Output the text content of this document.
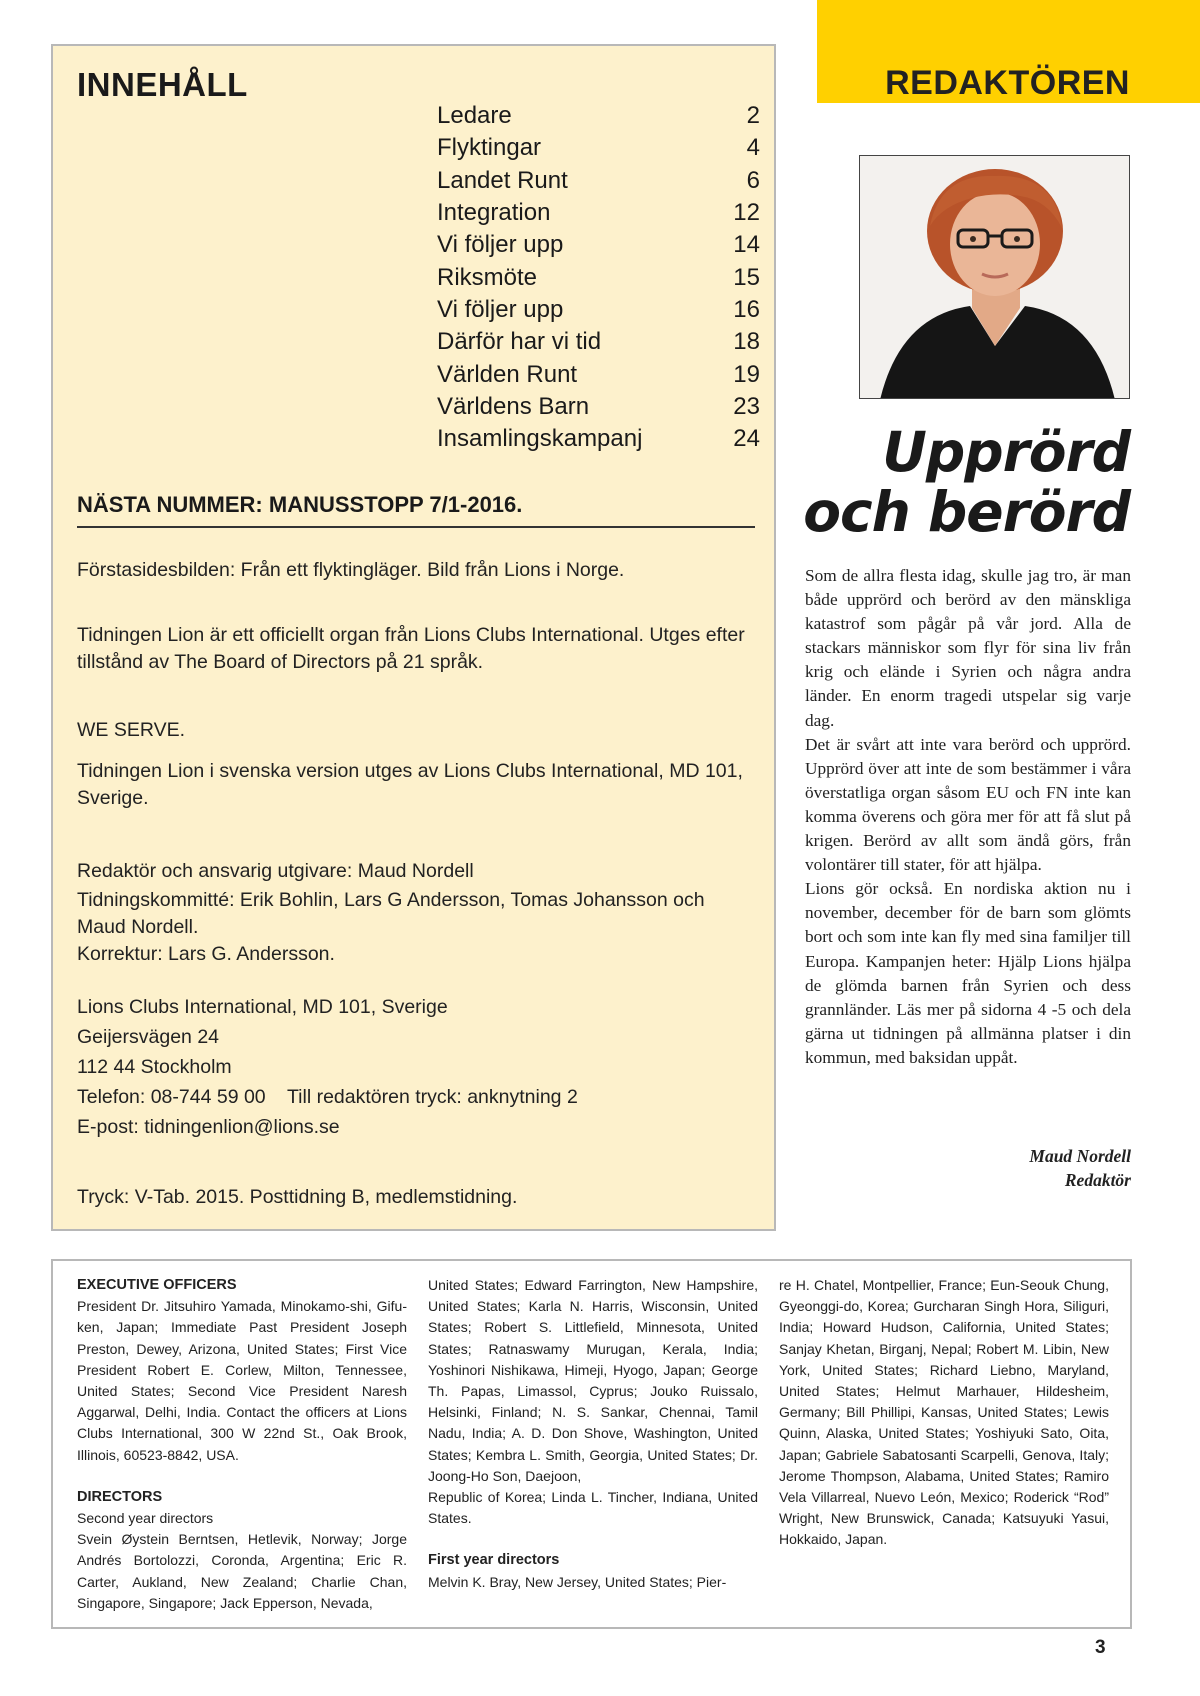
INNEHÅLL
Ledare	2
Flyktingar	4
Landet Runt	6
Integration	12
Vi följer upp	14
Riksmöte	15
Vi följer upp	16
Därför har vi tid	18
Världen Runt	19
Världens Barn	23
Insamlingskampanj	24
NÄSTA NUMMER: MANUSSTOPP 7/1-2016.

Förstasidesbilden: Från ett flyktingläger. Bild från Lions i Norge.

Tidningen Lion är ett officiellt organ från Lions Clubs International. Utges efter tillstånd av The Board of Directors på 21 språk.

WE SERVE.

Tidningen Lion i svenska version utges av Lions Clubs International, MD 101, Sverige.

Redaktör och ansvarig utgivare: Maud Nordell

Tidningskommitté: Erik Bohlin, Lars G Andersson, Tomas Johansson och Maud Nordell.

Korrektur: Lars G. Andersson.

Lions Clubs International, MD 101, Sverige

Geijersvägen 24

112 44 Stockholm

Telefon: 08-744 59 00    Till redaktören tryck: anknytning 2

E-post: tidningenlion@lions.se

Tryck: V-Tab. 2015. Posttidning B, medlemstidning.

REDAKTÖREN
Upprörd
och berörd

Som de allra flesta idag, skulle jag tro, är man både upprörd och berörd av den mänskliga katastrof som pågår på vår jord. Alla de stackars människor som flyr för sina liv från krig och elände i Syrien och några andra länder. En enorm tragedi utspelar sig varje dag.

Det är svårt att inte vara berörd och upprörd. Upprörd över att inte de som bestämmer i våra överstatliga organ såsom EU och FN inte kan komma överens och göra mer för att få slut på krigen. Berörd av allt som ändå görs, från volontärer till stater, för att hjälpa.

Lions gör också. En nordiska aktion nu i november, december för de barn som glömts bort och som inte kan fly med sina familjer till Europa. Kampanjen heter: Hjälp Lions hjälpa de glömda barnen från Syrien och dess grannländer. Läs mer på sidorna 4 -5 och dela gärna ut tidningen på allmänna platser i din kommun, med baksidan uppåt.

Maud Nordell
Redaktör
EXECUTIVE OFFICERS

President Dr. Jitsuhiro Yamada, Minokamo-shi, Gifu-ken, Japan; Immediate Past President Joseph Preston, Dewey, Arizona, United States; First Vice President Robert E. Corlew, Milton, Tennessee, United States; Second Vice President Naresh Aggarwal, Delhi, India. Contact the officers at Lions Clubs International, 300 W 22nd St., Oak Brook, Illinois, 60523-8842, USA.

DIRECTORS

Second year directors

Svein Øystein Berntsen, Hetlevik, Norway; Jorge Andrés Bortolozzi, Coronda, Argentina; Eric R. Carter, Aukland, New Zealand; Charlie Chan, Singapore, Singapore; Jack Epperson, Nevada,

United States; Edward Farrington, New Hampshire, United States; Karla N. Harris, Wisconsin, United States; Robert S. Littlefield, Minnesota, United States; Ratnaswamy Murugan, Kerala, India; Yoshinori Nishikawa, Himeji, Hyogo, Japan; George Th. Papas, Limassol, Cyprus; Jouko Ruissalo, Helsinki, Finland; N. S. Sankar, Chennai, Tamil Nadu, India; A. D. Don Shove, Washington, United States; Kembra L. Smith, Georgia, United States; Dr. Joong-Ho Son, Daejoon,

Republic of Korea; Linda L. Tincher, Indiana, United States.

First year directors

Melvin K. Bray, New Jersey, United States; Pier-

re H. Chatel, Montpellier, France; Eun-Seouk Chung, Gyeonggi-do, Korea; Gurcharan Singh Hora, Siliguri, India; Howard Hudson, California, United States; Sanjay Khetan, Birganj, Nepal; Robert M. Libin, New York, United States; Richard Liebno, Maryland, United States; Helmut Marhauer, Hildesheim, Germany; Bill Phillipi, Kansas, United States; Lewis Quinn, Alaska, United States; Yoshiyuki Sato, Oita, Japan; Gabriele Sabatosanti Scarpelli, Genova, Italy; Jerome Thompson, Alabama, United States; Ramiro Vela Villarreal, Nuevo León, Mexico; Roderick “Rod” Wright, New Brunswick, Canada; Katsuyuki Yasui, Hokkaido, Japan.

3
